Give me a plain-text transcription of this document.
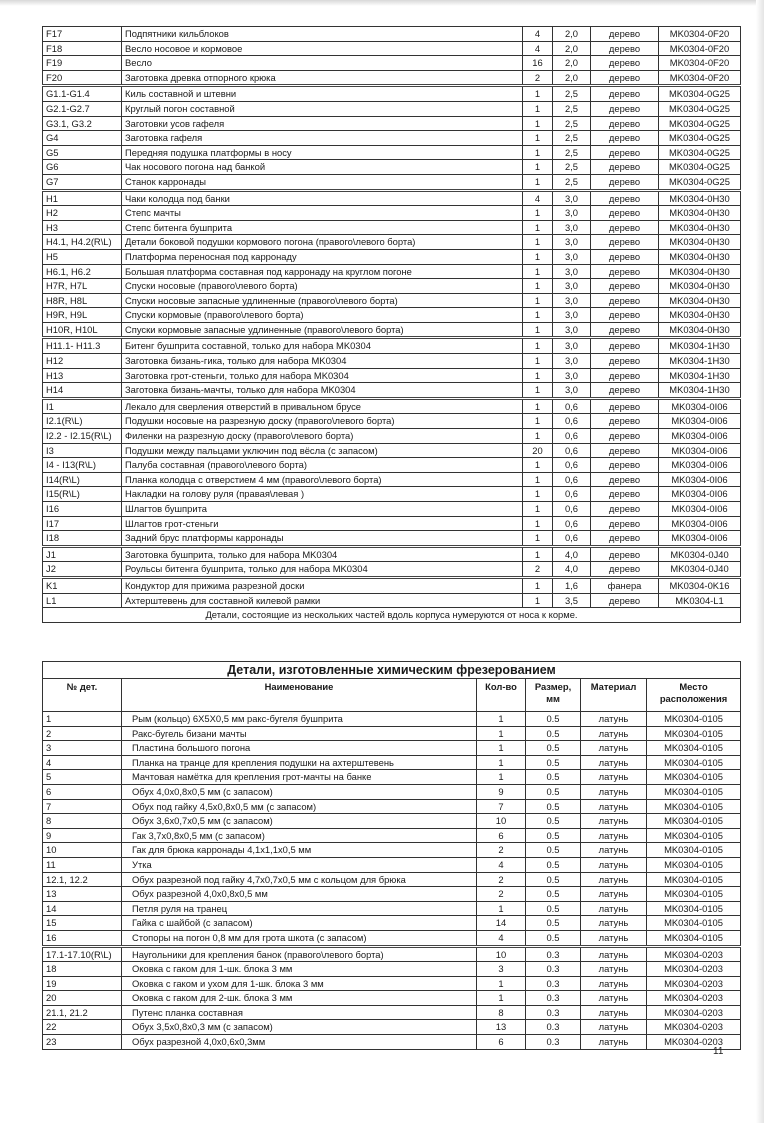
F17	Подпятники кильблоков	4	2,0	дерево	MK0304-0F20
F18	Весло носовое и кормовое	4	2,0	дерево	MK0304-0F20
F19	Весло	16	2,0	дерево	MK0304-0F20
F20	Заготовка древка отпорного крюка	2	2,0	дерево	MK0304-0F20
G1.1-G1.4	Киль составной и штевни	1	2,5	дерево	MK0304-0G25
G2.1-G2.7	Круглый погон составной	1	2,5	дерево	MK0304-0G25
G3.1, G3.2	Заготовки усов гафеля	1	2,5	дерево	MK0304-0G25
G4	Заготовка гафеля	1	2,5	дерево	MK0304-0G25
G5	Передняя подушка платформы в носу	1	2,5	дерево	MK0304-0G25
G6	Чак носового погона над банкой	1	2,5	дерево	MK0304-0G25
G7	Станок карронады	1	2,5	дерево	MK0304-0G25
H1	Чаки колодца под банки	4	3,0	дерево	MK0304-0H30
H2	Степс мачты	1	3,0	дерево	MK0304-0H30
H3	Степс битенга бушприта	1	3,0	дерево	MK0304-0H30
H4.1, H4.2(R\L)	Детали боковой подушки кормового погона (правого\левого борта)	1	3,0	дерево	MK0304-0H30
H5	Платформа переносная под карронаду	1	3,0	дерево	MK0304-0H30
H6.1, H6.2	Большая платформа составная под карронаду на круглом погоне	1	3,0	дерево	MK0304-0H30
H7R, H7L	Спуски носовые (правого\левого борта)	1	3,0	дерево	MK0304-0H30
H8R, H8L	Спуски носовые запасные удлиненные (правого\левого борта)	1	3,0	дерево	MK0304-0H30
H9R, H9L	Спуски кормовые (правого\левого борта)	1	3,0	дерево	MK0304-0H30
H10R, H10L	Спуски кормовые запасные удлиненные (правого\левого борта)	1	3,0	дерево	MK0304-0H30
H11.1- H11.3	Битенг бушприта составной, только для набора MK0304	1	3,0	дерево	MK0304-1H30
H12	Заготовка бизань-гика, только для набора MK0304	1	3,0	дерево	MK0304-1H30
H13	Заготовка грот-стеньги, только для набора MK0304	1	3,0	дерево	MK0304-1H30
H14	Заготовка бизань-мачты, только для набора MK0304	1	3,0	дерево	MK0304-1H30
I1	Лекало для сверления отверстий в привальном брусе	1	0,6	дерево	MK0304-0I06
I2.1(R\L)	Подушки носовые на разрезную доску (правого\левого борта)	1	0,6	дерево	MK0304-0I06
I2.2 - I2.15(R\L)	Филенки на разрезную доску (правого\левого борта)	1	0,6	дерево	MK0304-0I06
I3	Подушки между пальцами уключин под вёсла (с запасом)	20	0,6	дерево	MK0304-0I06
I4 - I13(R\L)	Палуба составная (правого\левого борта)	1	0,6	дерево	MK0304-0I06
I14(R\L)	Планка колодца с отверстием 4 мм (правого\левого борта)	1	0,6	дерево	MK0304-0I06
I15(R\L)	Накладки на голову руля (правая\левая )	1	0,6	дерево	MK0304-0I06
I16	Шлагтов бушприта	1	0,6	дерево	MK0304-0I06
I17	Шлагтов грот-стеньги	1	0,6	дерево	MK0304-0I06
I18	Задний брус платформы карронады	1	0,6	дерево	MK0304-0I06
J1	Заготовка бушприта, только для набора MK0304	1	4,0	дерево	MK0304-0J40
J2	Роульсы битенга бушприта, только для набора MK0304	2	4,0	дерево	MK0304-0J40
K1	Кондуктор для прижима разрезной доски	1	1,6	фанера	MK0304-0K16
L1	Ахтерштевень для составной килевой рамки	1	3,5	дерево	MK0304-L1
Детали, состоящие из нескольких частей вдоль корпуса нумеруются от носа к корме.					
Детали, изготовленные химическим фрезерованием					
№ дет.	Наименование	Кол-во	Размер, мм	Материал	Место расположения
1	Рым (кольцо) 6X5X0,5 мм ракс-бугеля бушприта	1	0.5	латунь	MK0304-0105
2	Ракс-бугель бизани мачты	1	0.5	латунь	MK0304-0105
3	Пластина большого погона	1	0.5	латунь	MK0304-0105
4	Планка на транце для крепления подушки на ахтерштевень	1	0.5	латунь	MK0304-0105
5	Мачтовая намётка для крепления грот-мачты на банке	1	0.5	латунь	MK0304-0105
6	Обух 4,0х0,8х0,5 мм (с запасом)	9	0.5	латунь	MK0304-0105
7	Обух под гайку 4,5х0,8х0,5 мм (с запасом)	7	0.5	латунь	MK0304-0105
8	Обух 3,6х0,7х0,5 мм (с запасом)	10	0.5	латунь	MK0304-0105
9	Гак 3,7х0,8х0,5 мм (с запасом)	6	0.5	латунь	MK0304-0105
10	Гак для брюка карронады 4,1х1,1х0,5 мм	2	0.5	латунь	MK0304-0105
11	Утка	4	0.5	латунь	MK0304-0105
12.1, 12.2	Обух разрезной под гайку 4,7х0,7х0,5 мм с кольцом для брюка	2	0.5	латунь	MK0304-0105
13	Обух разрезной 4,0х0,8х0,5 мм	2	0.5	латунь	MK0304-0105
14	Петля руля на транец	1	0.5	латунь	MK0304-0105
15	Гайка с шайбой (с запасом)	14	0.5	латунь	MK0304-0105
16	Стопоры на погон 0,8 мм для грота шкота (с запасом)	4	0.5	латунь	MK0304-0105
17.1-17.10(R\L)	Наугольники для крепления банок (правого\левого борта)	10	0.3	латунь	MK0304-0203
18	Оковка с гаком для 1-шк. блока 3 мм	3	0.3	латунь	MK0304-0203
19	Оковка с гаком и ухом для 1-шк. блока 3 мм	1	0.3	латунь	MK0304-0203
20	Оковка с гаком для 2-шк. блока 3 мм	1	0.3	латунь	MK0304-0203
21.1, 21.2	Путенс планка составная	8	0.3	латунь	MK0304-0203
22	Обух 3,5х0,8х0,3 мм (с запасом)	13	0.3	латунь	MK0304-0203
23	Обух разрезной 4,0х0,6х0,3мм	6	0.3	латунь	MK0304-0203
11
